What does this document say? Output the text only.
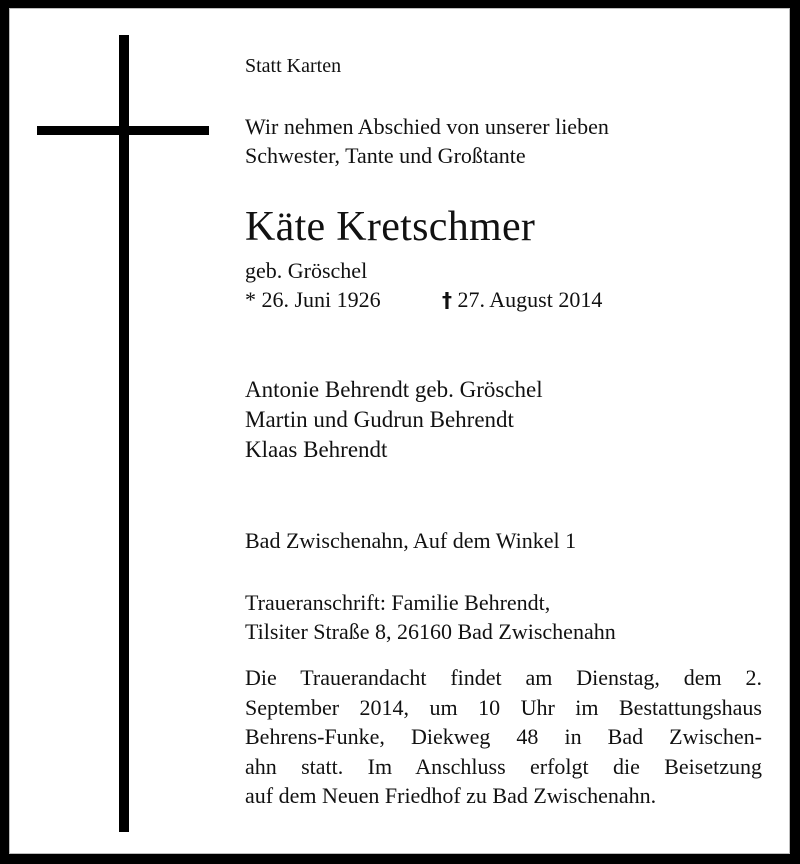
Statt Karten
Wir nehmen Abschied von unserer lieben
Schwester, Tante und Großtante
Käte Kretschmer
geb. Gröschel
* 26. Juni 1926	† 27. August 2014
Antonie Behrendt geb. Gröschel
Martin und Gudrun Behrendt
Klaas Behrendt
Bad Zwischenahn, Auf dem Winkel 1
Traueranschrift: Familie Behrendt,
Tilsiter Straße 8, 26160 Bad Zwischenahn
Die Trauerandacht findet am Dienstag, dem 2.
September 2014, um 10 Uhr im Bestattungshaus
Behrens-Funke, Diekweg 48 in Bad Zwischen-
ahn statt. Im Anschluss erfolgt die Beisetzung
auf dem Neuen Friedhof zu Bad Zwischenahn.
